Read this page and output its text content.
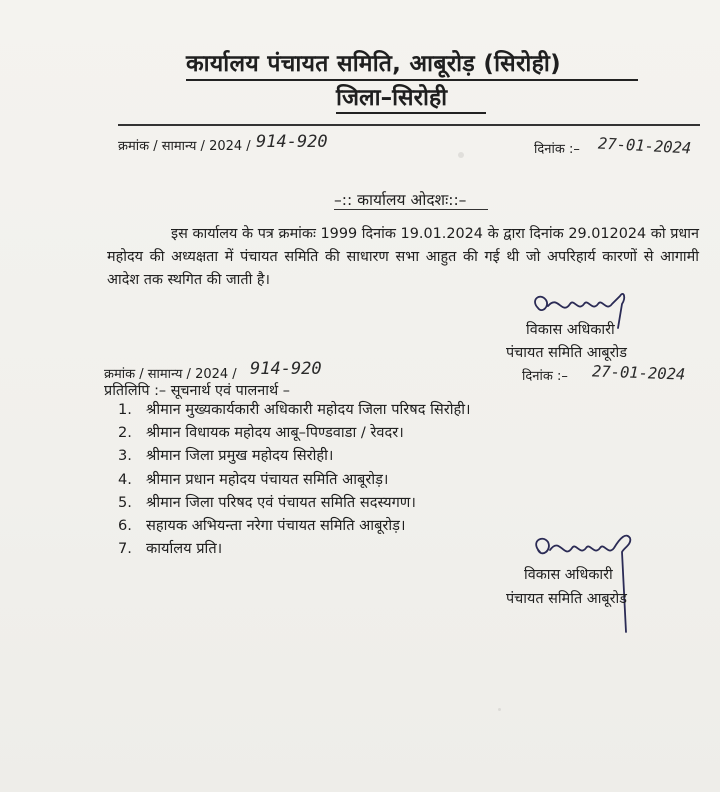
कार्यालय पंचायत समिति, आबूरोड़ (सिरोही)
जिला–सिरोही
क्रमांक / सामान्य / 2024 / 914-920	दिनांक :– 27-01-2024
–:: कार्यालय ओदशः::–
इस कार्यालय के पत्र क्रमांकः 1999 दिनांक 19.01.2024 के द्वारा दिनांक 29.012024 को प्रधान महोदय की अध्यक्षता में पंचायत समिति की साधारण सभा आहुत की गई थी जो अपरिहार्य कारणों से आगामी आदेश तक स्थगित की जाती है।
विकास अधिकारी
पंचायत समिति आबूरोड
क्रमांक / सामान्य / 2024 / 914-920	दिनांक :– 27-01-2024
प्रतिलिपि :– सूचनार्थ एवं पालनार्थ –
1. श्रीमान मुख्यकार्यकारी अधिकारी महोदय जिला परिषद सिरोही।
2. श्रीमान विधायक महोदय आबू–पिण्डवाडा / रेवदर।
3. श्रीमान जिला प्रमुख महोदय सिरोही।
4. श्रीमान प्रधान महोदय पंचायत समिति आबूरोड़।
5. श्रीमान जिला परिषद एवं पंचायत समिति सदस्यगण।
6. सहायक अभियन्ता नरेगा पंचायत समिति आबूरोड़।
7. कार्यालय प्रति।
विकास अधिकारी
पंचायत समिति आबूरोड
